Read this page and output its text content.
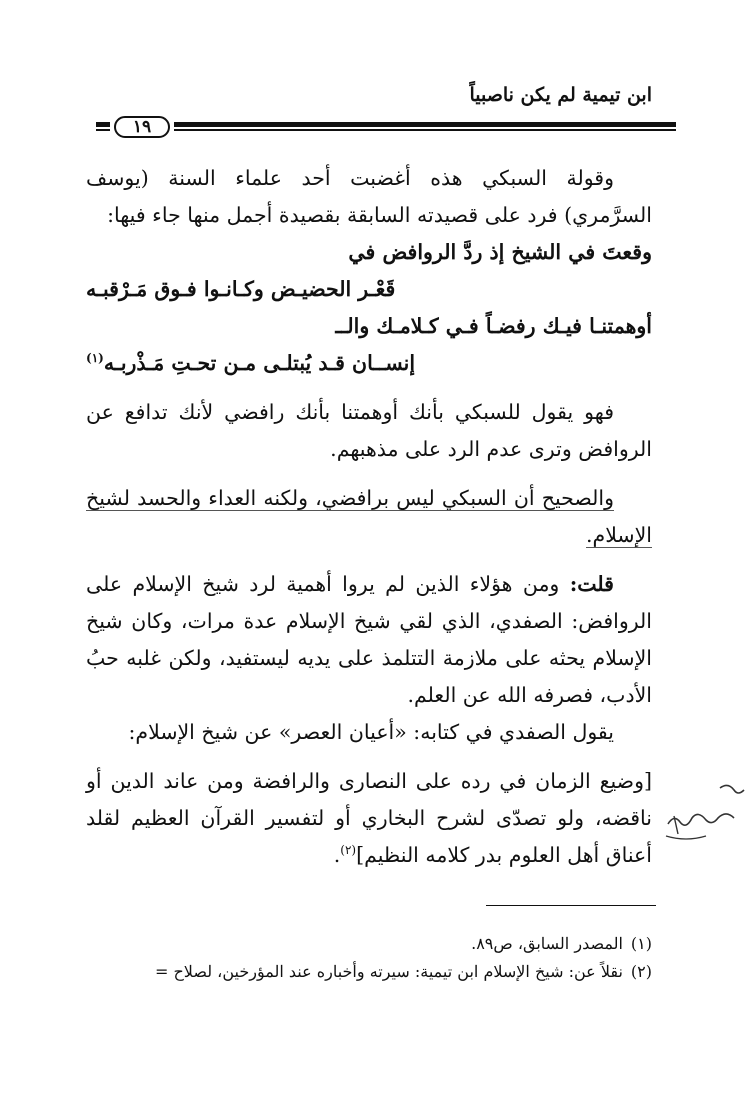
ابن تيمية لم يكن ناصبياً
١٩

وقولة السبكي هذه أغضبت أحد علماء السنة (يوسف السرَّمري) فرد على قصيدته السابقة بقصيدة أجمل منها جاء فيها:

وقعتَ في الشيخ إذ ردَّ الروافض في
قَعْـر الحضيـض وكـانـوا فـوق مَـرْقبـه
أوهمتنـا فيـك رفضـاً فـي كـلامـك والــ
إنســان قـد يُبتلـى مـن تحـتِ مَـذْربـه$^{(١)}$

فهو يقول للسبكي بأنك أوهمتنا بأنك رافضي لأنك تدافع عن الروافض وترى عدم الرد على مذهبهم.

والصحيح أن السبكي ليس برافضي، ولكنه العداء والحسد لشيخ الإسلام.

قلت: ومن هؤلاء الذين لم يروا أهمية لرد شيخ الإسلام على الروافض: الصفدي، الذي لقي شيخ الإسلام عدة مرات، وكان شيخ الإسلام يحثه على ملازمة التتلمذ على يديه ليستفيد، ولكن غلبه حبُ الأدب، فصرفه الله عن العلم.

يقول الصفدي في كتابه: «أعيان العصر» عن شيخ الإسلام:

[وضيع الزمان في رده على النصارى والرافضة ومن عاند الدين أو ناقضه، ولو تصدّى لشرح البخاري أو لتفسير القرآن العظيم لقلد أعناق أهل العلوم بدر كلامه النظيم]$^{(٢)}$.

(١)المصدر السابق، ص٨٩.
(٢)نقلاً عن: شيخ الإسلام ابن تيمية: سيرته وأخباره عند المؤرخين، لصلاح =
